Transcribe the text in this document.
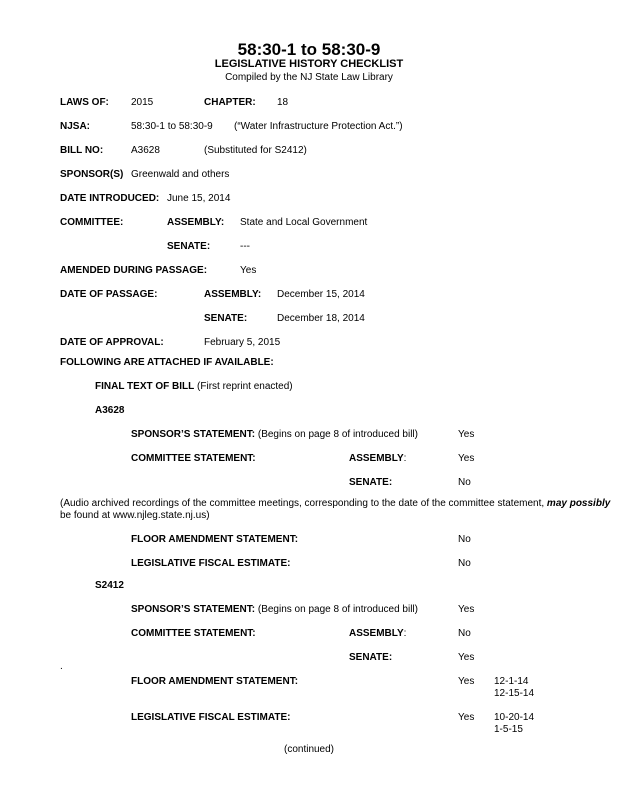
58:30-1 to 58:30-9
LEGISLATIVE HISTORY CHECKLIST
Compiled by the NJ State Law Library
LAWS OF: 2015	CHAPTER: 18
NJSA:	58:30-1 to 58:30-9 (“Water Infrastructure Protection Act.”)
BILL NO:	A3628	(Substituted for S2412)
SPONSOR(S) Greenwald and others
DATE INTRODUCED: June 15, 2014
COMMITTEE:	ASSEMBLY: State and Local Government
SENATE:	---
AMENDED DURING PASSAGE:	Yes
DATE OF PASSAGE:	ASSEMBLY: December 15, 2014
SENATE:	December 18, 2014
DATE OF APPROVAL:	February 5, 2015
FOLLOWING ARE ATTACHED IF AVAILABLE:
FINAL TEXT OF BILL (First reprint enacted)
A3628
SPONSOR’S STATEMENT: (Begins on page 8 of introduced bill)	Yes
COMMITTEE STATEMENT:	ASSEMBLY:	Yes
SENATE:	No
(Audio archived recordings of the committee meetings, corresponding to the date of the committee statement, may possibly be found at www.njleg.state.nj.us)
FLOOR AMENDMENT STATEMENT:	No
LEGISLATIVE FISCAL ESTIMATE:	No
S2412
SPONSOR’S STATEMENT: (Begins on page 8 of introduced bill)	Yes
COMMITTEE STATEMENT:	ASSEMBLY:	No
SENATE:	Yes
.
FLOOR AMENDMENT STATEMENT:	Yes 12-1-14
12-15-14
LEGISLATIVE FISCAL ESTIMATE:	Yes 10-20-14
1-5-15
(continued)
